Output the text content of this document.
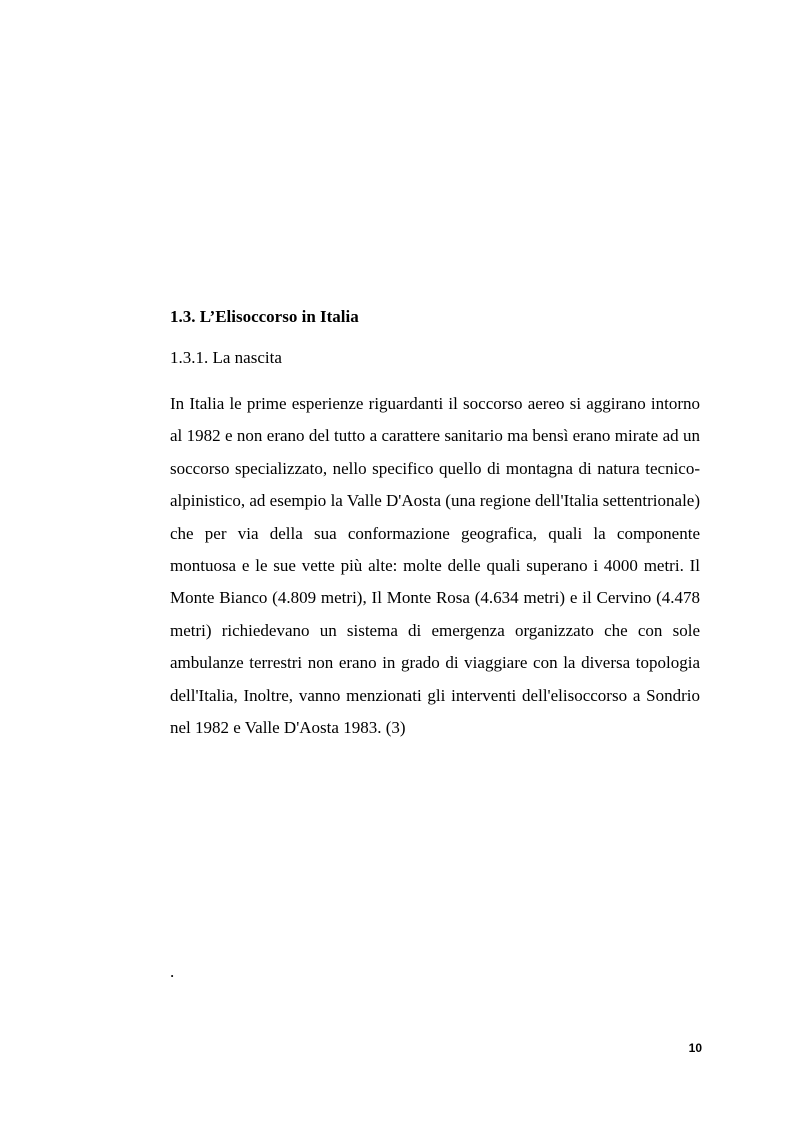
1.3. L’Elisoccorso in Italia
1.3.1. La nascita

In Italia le prime esperienze riguardanti il soccorso aereo si aggirano intorno al 1982 e non erano del tutto a carattere sanitario ma bensì erano mirate ad un soccorso specializzato, nello specifico quello di montagna di natura tecnico-alpinistico, ad esempio la Valle D'Aosta (una regione dell'Italia settentrionale) che per via della sua conformazione geografica, quali la componente montuosa e le sue vette più alte: molte delle quali superano i 4000 metri. Il Monte Bianco (4.809 metri), Il Monte Rosa (4.634 metri) e il Cervino (4.478 metri) richiedevano un sistema di emergenza organizzato che con sole ambulanze terrestri non erano in grado di viaggiare con la diversa topologia dell'Italia, Inoltre, vanno menzionati gli interventi dell'elisoccorso a Sondrio nel 1982 e Valle D'Aosta 1983. (3)

.

10
